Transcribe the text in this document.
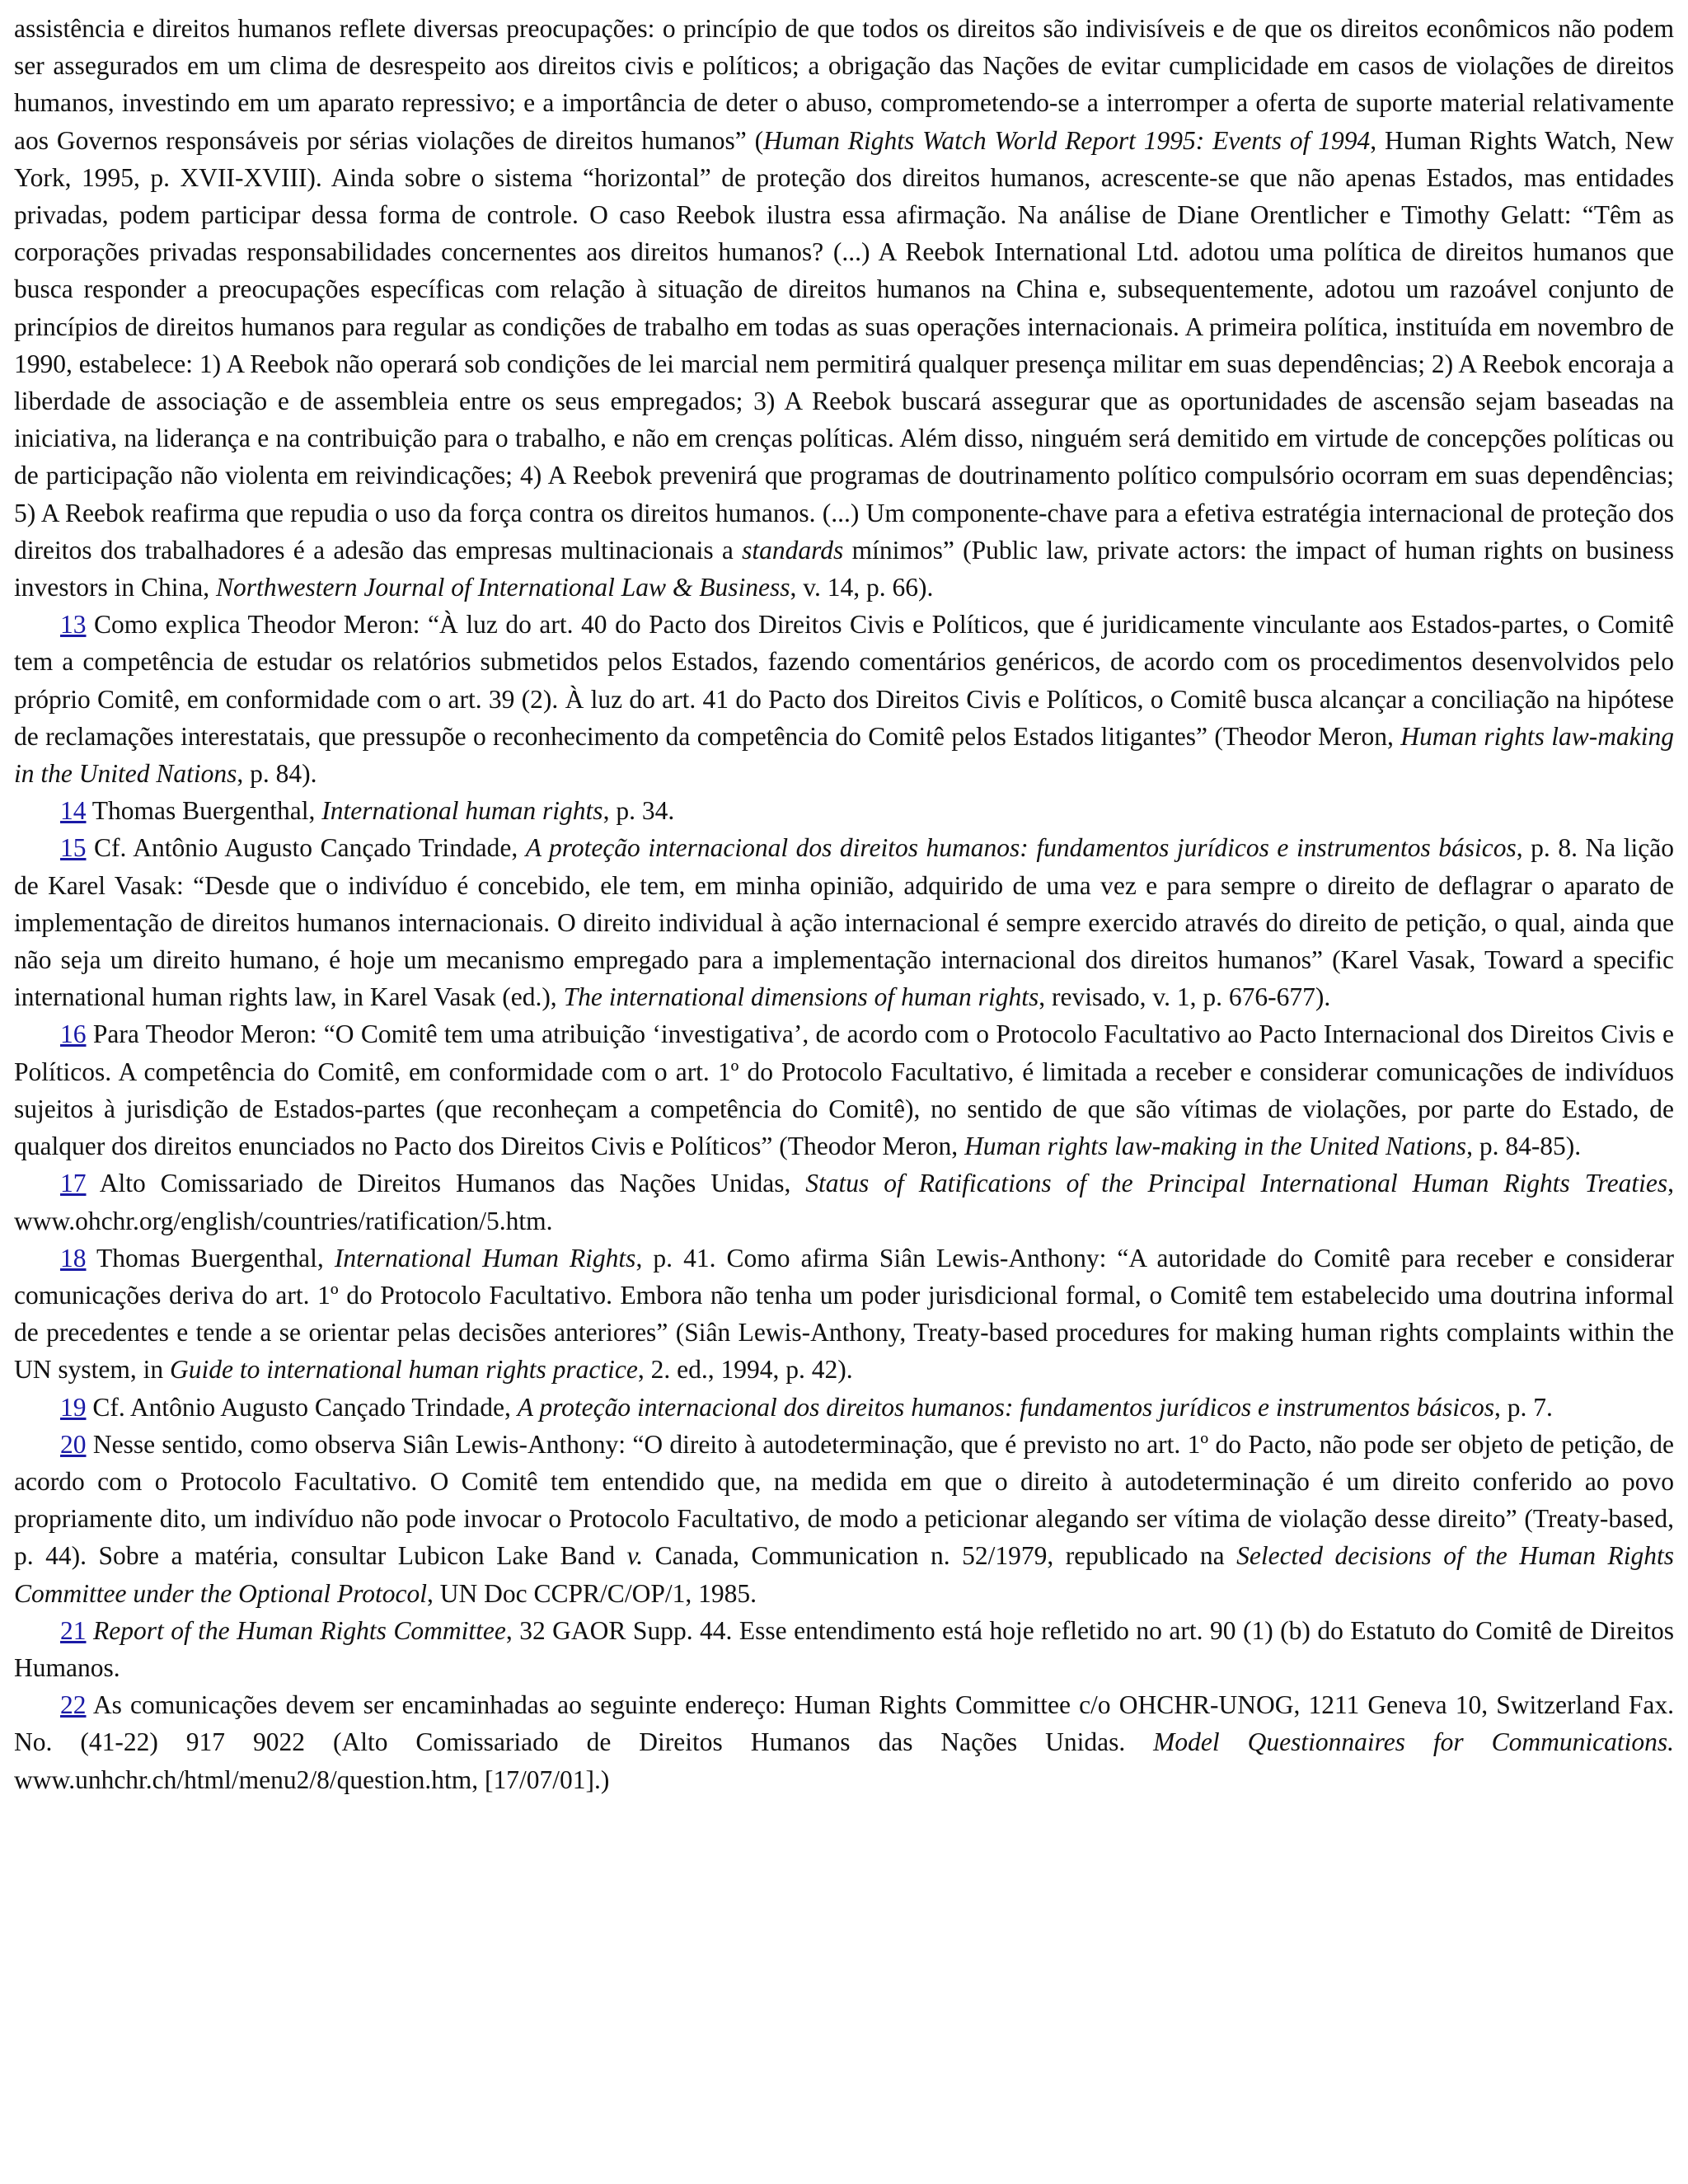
assistência e direitos humanos reflete diversas preocupações: o princípio de que todos os direitos são indivisíveis e de que os direitos econômicos não podem ser assegurados em um clima de desrespeito aos direitos civis e políticos; a obrigação das Nações de evitar cumplicidade em casos de violações de direitos humanos, investindo em um aparato repressivo; e a importância de deter o abuso, comprometendo-se a interromper a oferta de suporte material relativamente aos Governos responsáveis por sérias violações de direitos humanos” (Human Rights Watch World Report 1995: Events of 1994, Human Rights Watch, New York, 1995, p. XVII-XVIII). Ainda sobre o sistema “horizontal” de proteção dos direitos humanos, acrescente-se que não apenas Estados, mas entidades privadas, podem participar dessa forma de controle. O caso Reebok ilustra essa afirmação. Na análise de Diane Orentlicher e Timothy Gelatt: “Têm as corporações privadas responsabilidades concernentes aos direitos humanos? (...) A Reebok International Ltd. adotou uma política de direitos humanos que busca responder a preocupações específicas com relação à situação de direitos humanos na China e, subsequentemente, adotou um razoável conjunto de princípios de direitos humanos para regular as condições de trabalho em todas as suas operações internacionais. A primeira política, instituída em novembro de 1990, estabelece: 1) A Reebok não operará sob condições de lei marcial nem permitirá qualquer presença militar em suas dependências; 2) A Reebok encoraja a liberdade de associação e de assembleia entre os seus empregados; 3) A Reebok buscará assegurar que as oportunidades de ascensão sejam baseadas na iniciativa, na liderança e na contribuição para o trabalho, e não em crenças políticas. Além disso, ninguém será demitido em virtude de concepções políticas ou de participação não violenta em reivindicações; 4) A Reebok prevenirá que programas de doutrinamento político compulsório ocorram em suas dependências; 5) A Reebok reafirma que repudia o uso da força contra os direitos humanos. (...) Um componente-chave para a efetiva estratégia internacional de proteção dos direitos dos trabalhadores é a adesão das empresas multinacionais a standards mínimos” (Public law, private actors: the impact of human rights on business investors in China, Northwestern Journal of International Law & Business, v. 14, p. 66).

13 Como explica Theodor Meron: “À luz do art. 40 do Pacto dos Direitos Civis e Políticos, que é juridicamente vinculante aos Estados-partes, o Comitê tem a competência de estudar os relatórios submetidos pelos Estados, fazendo comentários genéricos, de acordo com os procedimentos desenvolvidos pelo próprio Comitê, em conformidade com o art. 39 (2). À luz do art. 41 do Pacto dos Direitos Civis e Políticos, o Comitê busca alcançar a conciliação na hipótese de reclamações interestatais, que pressupõe o reconhecimento da competência do Comitê pelos Estados litigantes” (Theodor Meron, Human rights law-making in the United Nations, p. 84).

14 Thomas Buergenthal, International human rights, p. 34.

15 Cf. Antônio Augusto Cançado Trindade, A proteção internacional dos direitos humanos: fundamentos jurídicos e instrumentos básicos, p. 8. Na lição de Karel Vasak: “Desde que o indivíduo é concebido, ele tem, em minha opinião, adquirido de uma vez e para sempre o direito de deflagrar o aparato de implementação de direitos humanos internacionais. O direito individual à ação internacional é sempre exercido através do direito de petição, o qual, ainda que não seja um direito humano, é hoje um mecanismo empregado para a implementação internacional dos direitos humanos” (Karel Vasak, Toward a specific international human rights law, in Karel Vasak (ed.), The international dimensions of human rights, revisado, v. 1, p. 676-677).

16 Para Theodor Meron: “O Comitê tem uma atribuição ‘investigativa’, de acordo com o Protocolo Facultativo ao Pacto Internacional dos Direitos Civis e Políticos. A competência do Comitê, em conformidade com o art. 1º do Protocolo Facultativo, é limitada a receber e considerar comunicações de indivíduos sujeitos à jurisdição de Estados-partes (que reconheçam a competência do Comitê), no sentido de que são vítimas de violações, por parte do Estado, de qualquer dos direitos enunciados no Pacto dos Direitos Civis e Políticos” (Theodor Meron, Human rights law-making in the United Nations, p. 84-85).

17 Alto Comissariado de Direitos Humanos das Nações Unidas, Status of Ratifications of the Principal International Human Rights Treaties, www.ohchr.org/english/countries/ratification/5.htm.

18 Thomas Buergenthal, International Human Rights, p. 41. Como afirma Siân Lewis-Anthony: “A autoridade do Comitê para receber e considerar comunicações deriva do art. 1º do Protocolo Facultativo. Embora não tenha um poder jurisdicional formal, o Comitê tem estabelecido uma doutrina informal de precedentes e tende a se orientar pelas decisões anteriores” (Siân Lewis-Anthony, Treaty-based procedures for making human rights complaints within the UN system, in Guide to international human rights practice, 2. ed., 1994, p. 42).

19 Cf. Antônio Augusto Cançado Trindade, A proteção internacional dos direitos humanos: fundamentos jurídicos e instrumentos básicos, p. 7.

20 Nesse sentido, como observa Siân Lewis-Anthony: “O direito à autodeterminação, que é previsto no art. 1º do Pacto, não pode ser objeto de petição, de acordo com o Protocolo Facultativo. O Comitê tem entendido que, na medida em que o direito à autodeterminação é um direito conferido ao povo propriamente dito, um indivíduo não pode invocar o Protocolo Facultativo, de modo a peticionar alegando ser vítima de violação desse direito” (Treaty-based, p. 44). Sobre a matéria, consultar Lubicon Lake Band v. Canada, Communication n. 52/1979, republicado na Selected decisions of the Human Rights Committee under the Optional Protocol, UN Doc CCPR/C/OP/1, 1985.

21 Report of the Human Rights Committee, 32 GAOR Supp. 44. Esse entendimento está hoje refletido no art. 90 (1) (b) do Estatuto do Comitê de Direitos Humanos.

22 As comunicações devem ser encaminhadas ao seguinte endereço: Human Rights Committee c/o OHCHR-UNOG, 1211 Geneva 10, Switzerland Fax. No. (41-22) 917 9022 (Alto Comissariado de Direitos Humanos das Nações Unidas. Model Questionnaires for Communications. www.unhchr.ch/html/menu2/8/question.htm, [17/07/01].)
